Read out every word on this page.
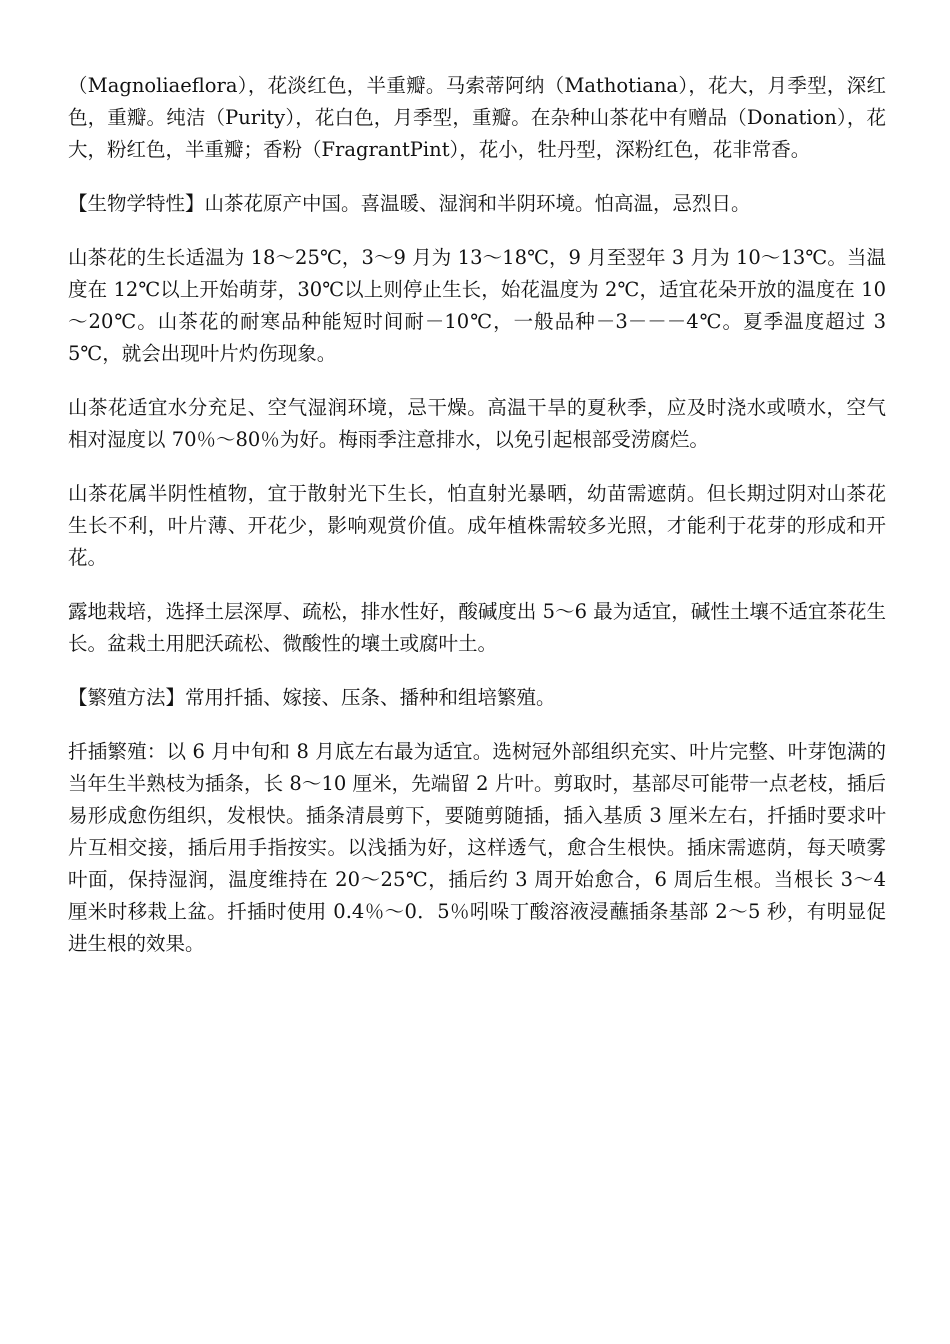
（Magnoliaeflora），花淡红色，半重瓣。马索蒂阿纳（Mathotiana），花大，月季型，深红色，重瓣。纯洁（Purity），花白色，月季型，重瓣。在杂种山茶花中有赠品（Donation），花大，粉红色，半重瓣；香粉（FragrantPint），花小，牡丹型，深粉红色，花非常香。

【生物学特性】山茶花原产中国。喜温暖、湿润和半阴环境。怕高温，忌烈日。

山茶花的生长适温为 18～25℃，3～9 月为 13～18℃，9 月至翌年 3 月为 10～13℃。当温度在 12℃以上开始萌芽，30℃以上则停止生长，始花温度为 2℃，适宜花朵开放的温度在 10～20℃。山茶花的耐寒品种能短时间耐－10℃，一般品种－3－－－4℃。夏季温度超过 35℃，就会出现叶片灼伤现象。

山茶花适宜水分充足、空气湿润环境，忌干燥。高温干旱的夏秋季，应及时浇水或喷水，空气相对湿度以 70％～80％为好。梅雨季注意排水，以免引起根部受涝腐烂。

山茶花属半阴性植物，宜于散射光下生长，怕直射光暴晒，幼苗需遮荫。但长期过阴对山茶花生长不利，叶片薄、开花少，影响观赏价值。成年植株需较多光照，才能利于花芽的形成和开花。

露地栽培，选择土层深厚、疏松，排水性好，酸碱度出 5～6 最为适宜，碱性土壤不适宜茶花生长。盆栽土用肥沃疏松、微酸性的壤土或腐叶土。

【繁殖方法】常用扦插、嫁接、压条、播种和组培繁殖。

扦插繁殖：以 6 月中旬和 8 月底左右最为适宜。选树冠外部组织充实、叶片完整、叶芽饱满的当年生半熟枝为插条，长 8～10 厘米，先端留 2 片叶。剪取时，基部尽可能带一点老枝，插后易形成愈伤组织，发根快。插条清晨剪下，要随剪随插，插入基质 3 厘米左右，扦插时要求叶片互相交接，插后用手指按实。以浅插为好，这样透气，愈合生根快。插床需遮荫，每天喷雾叶面，保持湿润，温度维持在 20～25℃，插后约 3 周开始愈合，6 周后生根。当根长 3～4 厘米时移栽上盆。扦插时使用 0.4％～0．5％吲哚丁酸溶液浸蘸插条基部 2～5 秒，有明显促进生根的效果。
